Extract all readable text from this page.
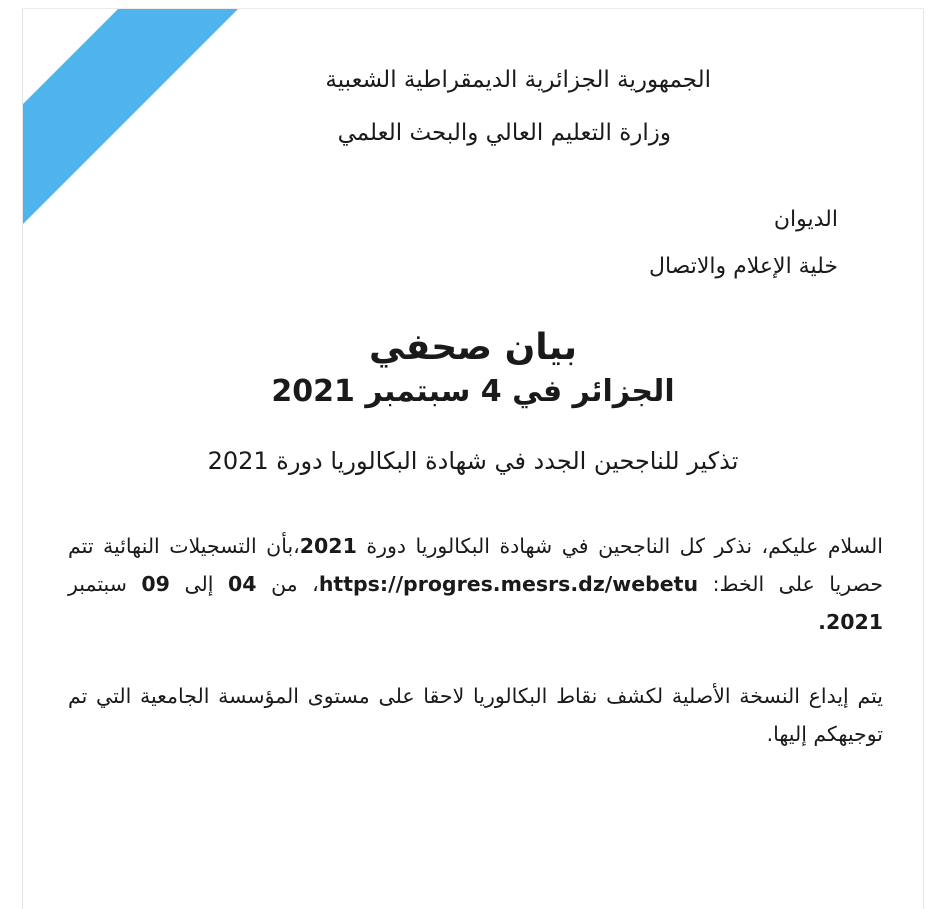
الجمهورية الجزائرية الديمقراطية الشعبية
وزارة التعليم العالي والبحث العلمي
الديوان
خلية الإعلام والاتصال
بيان صحفي
الجزائر في 4 سبتمبر 2021
تذكير للناجحين الجدد في شهادة البكالوريا دورة 2021
السلام عليكم، نذكر كل الناجحين في شهادة البكالوريا دورة 2021،بأن التسجيلات النهائية تتم حصريا على الخط: https://progres.mesrs.dz/webetu، من 04 إلى 09 سبتمبر 2021.
يتم إيداع النسخة الأصلية لكشف نقاط البكالوريا لاحقا على مستوى المؤسسة الجامعية التي تم توجيهكم إليها.
